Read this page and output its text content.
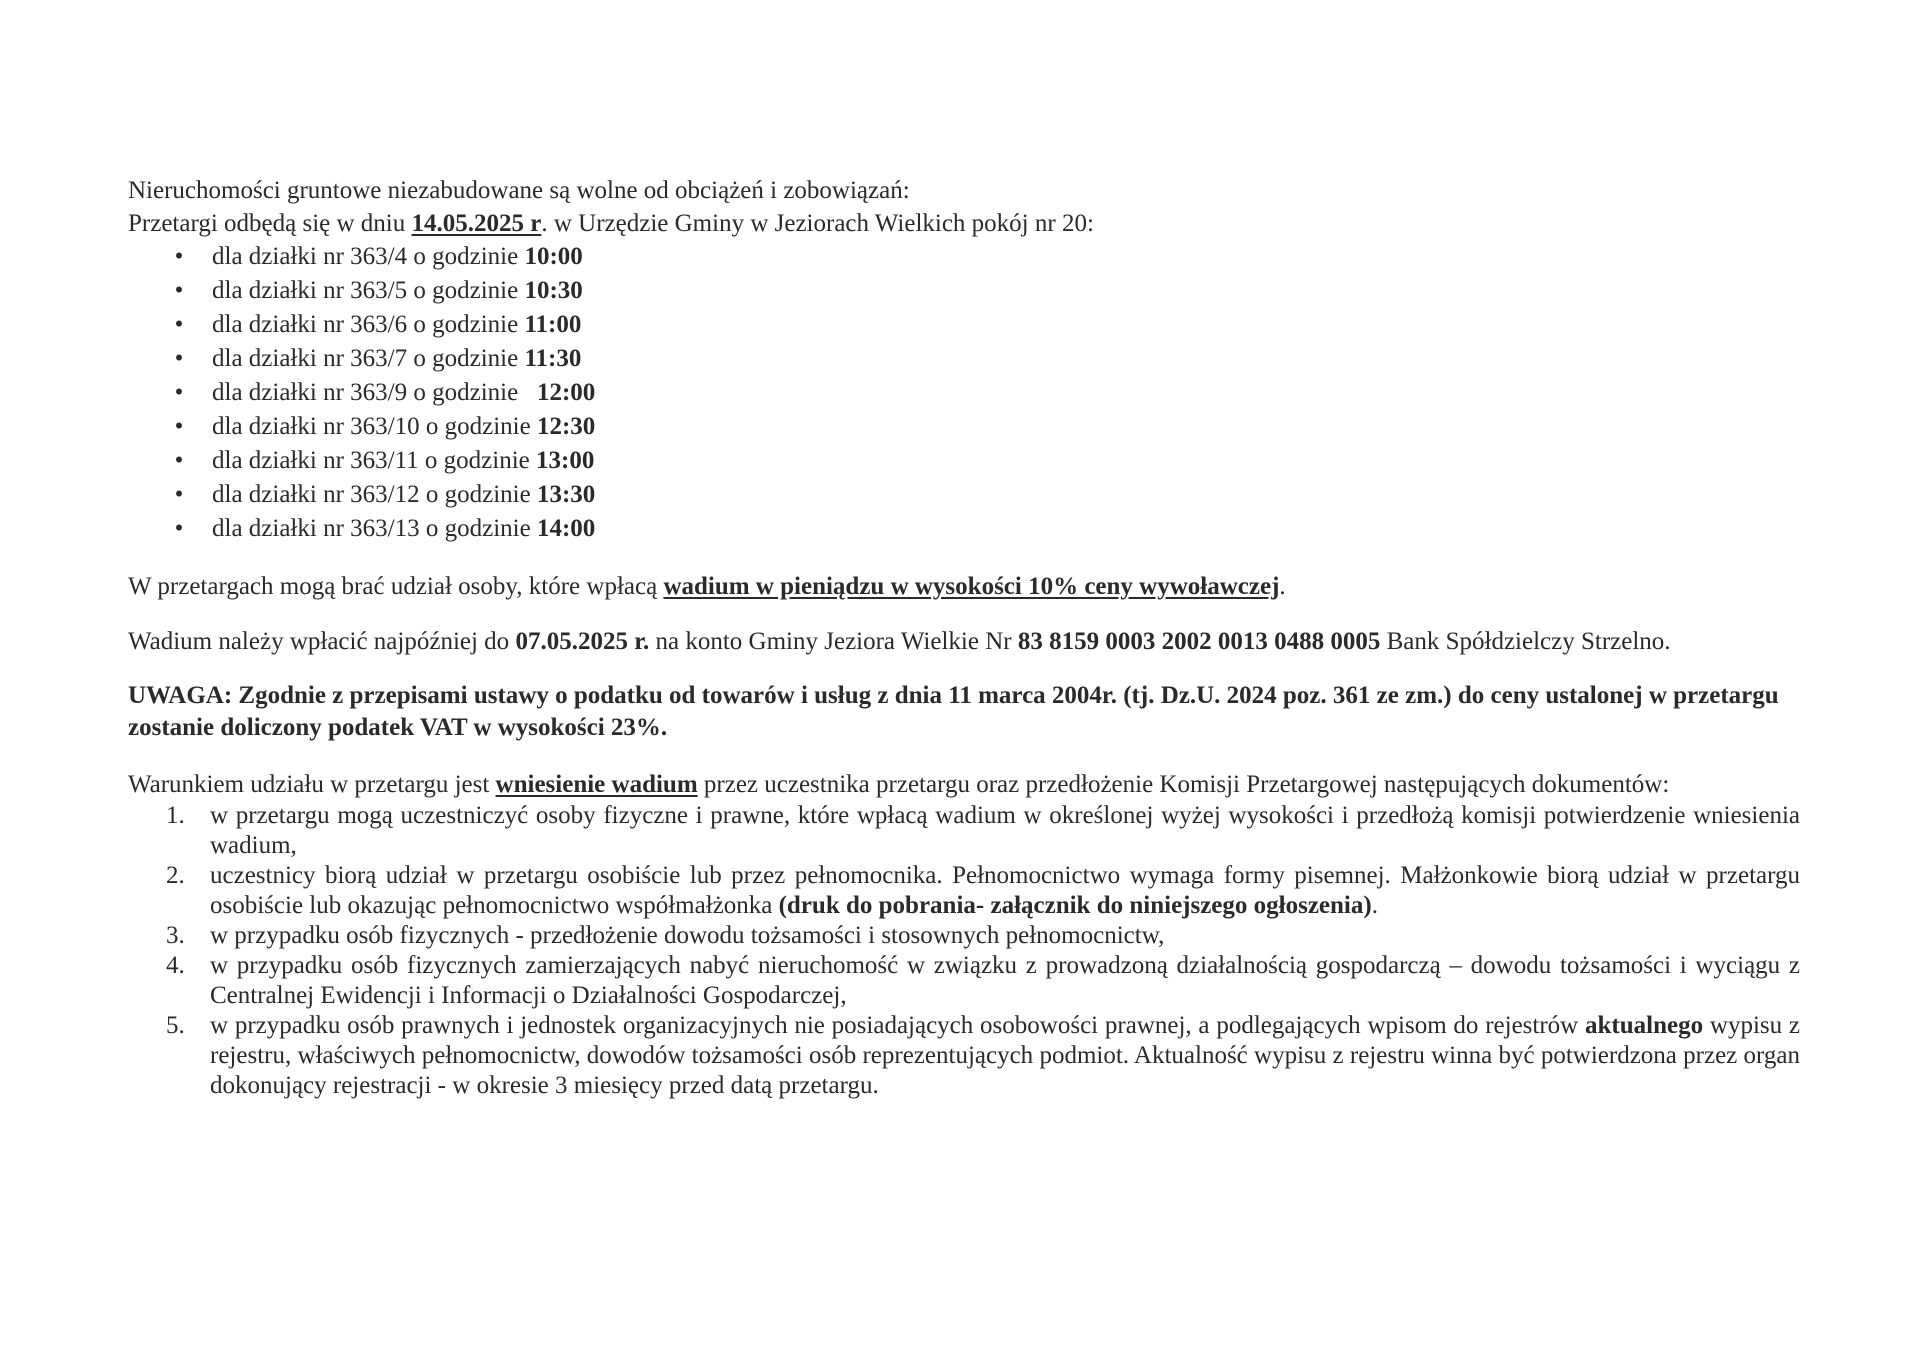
Nieruchomości gruntowe niezabudowane są wolne od obciążeń i zobowiązań:

Przetargi odbędą się w dniu 14.05.2025 r. w Urzędzie Gminy w Jeziorach Wielkich pokój nr 20:

• dla działki nr 363/4 o godzinie 10:00
• dla działki nr 363/5 o godzinie 10:30
• dla działki nr 363/6 o godzinie 11:00
• dla działki nr 363/7 o godzinie 11:30
• dla działki nr 363/9 o godzinie   12:00
• dla działki nr 363/10 o godzinie 12:30
• dla działki nr 363/11 o godzinie 13:00
• dla działki nr 363/12 o godzinie 13:30
• dla działki nr 363/13 o godzinie 14:00

W przetargach mogą brać udział osoby, które wpłacą wadium w pieniądzu w wysokości 10% ceny wywoławczej.

Wadium należy wpłacić najpóźniej do 07.05.2025 r. na konto Gminy Jeziora Wielkie Nr 83 8159 0003 2002 0013 0488 0005 Bank Spółdzielczy Strzelno.

UWAGA: Zgodnie z przepisami ustawy o podatku od towarów i usług z dnia 11 marca 2004r. (tj. Dz.U. 2024 poz. 361 ze zm.) do ceny ustalonej w przetargu zostanie doliczony podatek VAT w wysokości 23%.

Warunkiem udziału w przetargu jest wniesienie wadium przez uczestnika przetargu oraz przedłożenie Komisji Przetargowej następujących dokumentów:

1.	w przetargu mogą uczestniczyć osoby fizyczne i prawne, które wpłacą wadium w określonej wyżej wysokości i przedłożą komisji potwierdzenie wniesienia wadium,
2.	uczestnicy biorą udział w przetargu osobiście lub przez pełnomocnika. Pełnomocnictwo wymaga formy pisemnej. Małżonkowie biorą udział w przetargu osobiście lub okazując pełnomocnictwo współmałżonka (druk do pobrania- załącznik do niniejszego ogłoszenia).
3.	w przypadku osób fizycznych - przedłożenie dowodu tożsamości i stosownych pełnomocnictw,
4.	w przypadku osób fizycznych zamierzających nabyć nieruchomość w związku z prowadzoną działalnością gospodarczą – dowodu tożsamości i wyciągu z Centralnej Ewidencji i Informacji o Działalności Gospodarczej,
5.	w przypadku osób prawnych i jednostek organizacyjnych nie posiadających osobowości prawnej, a podlegających wpisom do rejestrów aktualnego wypisu z rejestru, właściwych pełnomocnictw, dowodów tożsamości osób reprezentujących podmiot. Aktualność wypisu z rejestru winna być potwierdzona przez organ dokonujący rejestracji - w okresie 3 miesięcy przed datą przetargu.
